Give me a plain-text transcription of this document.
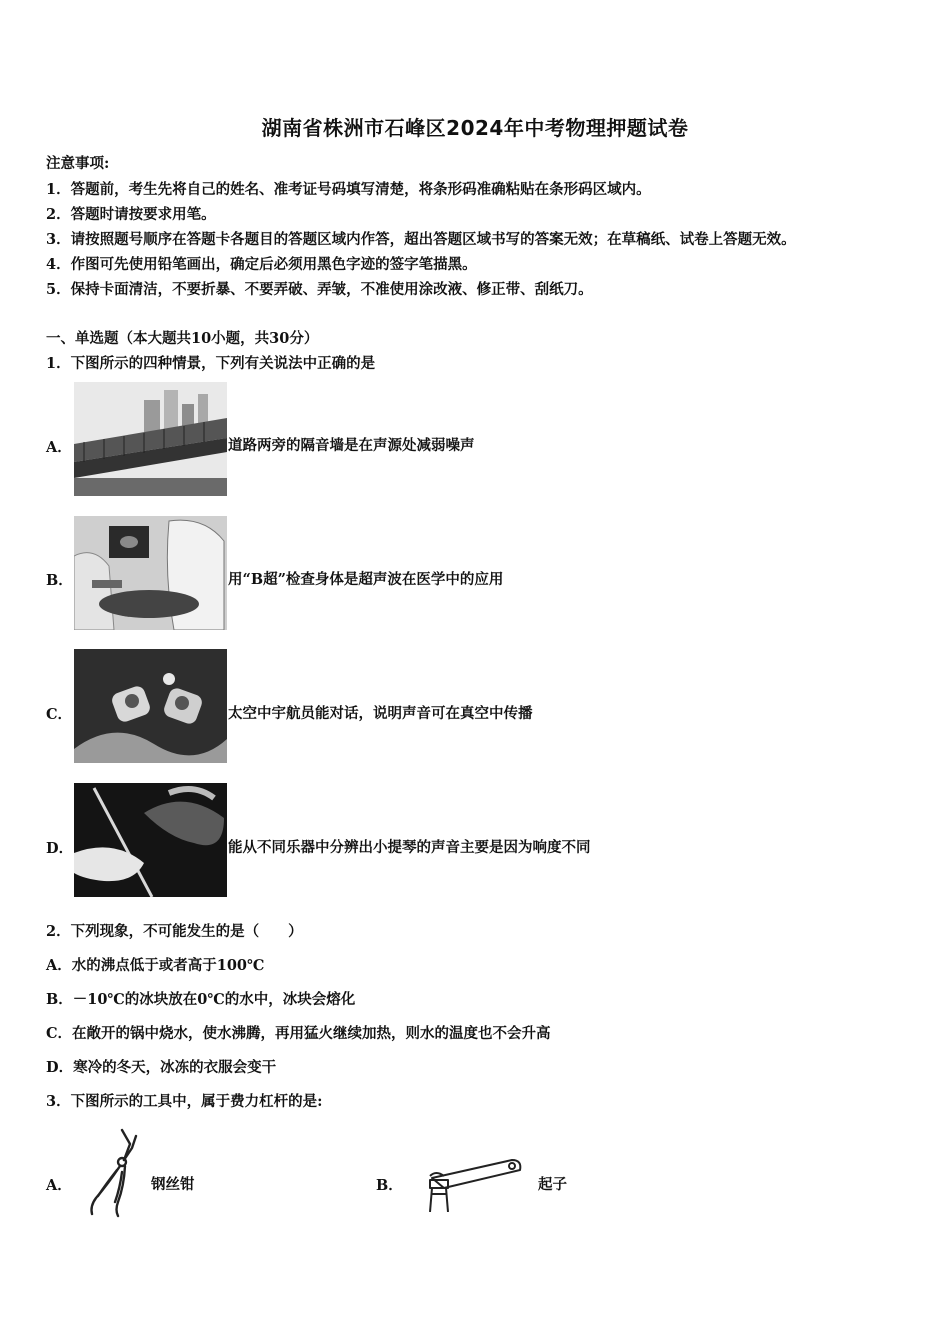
湖南省株洲市石峰区2024年中考物理押题试卷
注意事项:
1．答题前，考生先将自己的姓名、准考证号码填写清楚，将条形码准确粘贴在条形码区域内。
2．答题时请按要求用笔。
3．请按照题号顺序在答题卡各题目的答题区域内作答，超出答题区域书写的答案无效；在草稿纸、试卷上答题无效。
4．作图可先使用铅笔画出，确定后必须用黑色字迹的签字笔描黑。
5．保持卡面清洁，不要折暴、不要弄破、弄皱，不准使用涂改液、修正带、刮纸刀。
一、单选题（本大题共10小题，共30分）
1．下图所示的四种情景，下列有关说法中正确的是
A．	道路两旁的隔音墙是在声源处减弱噪声
B．	用“B超”检查身体是超声波在医学中的应用
C．	太空中宇航员能对话，说明声音可在真空中传播
D．	能从不同乐器中分辨出小提琴的声音主要是因为响度不同
2．下列现象，不可能发生的是（　　）
A．水的沸点低于或者高于100℃
B．－10℃的冰块放在0℃的水中，冰块会熔化
C．在敞开的锅中烧水，使水沸腾，再用猛火继续加热，则水的温度也不会升高
D．寒冷的冬天，冰冻的衣服会变干
3．下图所示的工具中，属于费力杠杆的是:
A．	钢丝钳	B．	起子
